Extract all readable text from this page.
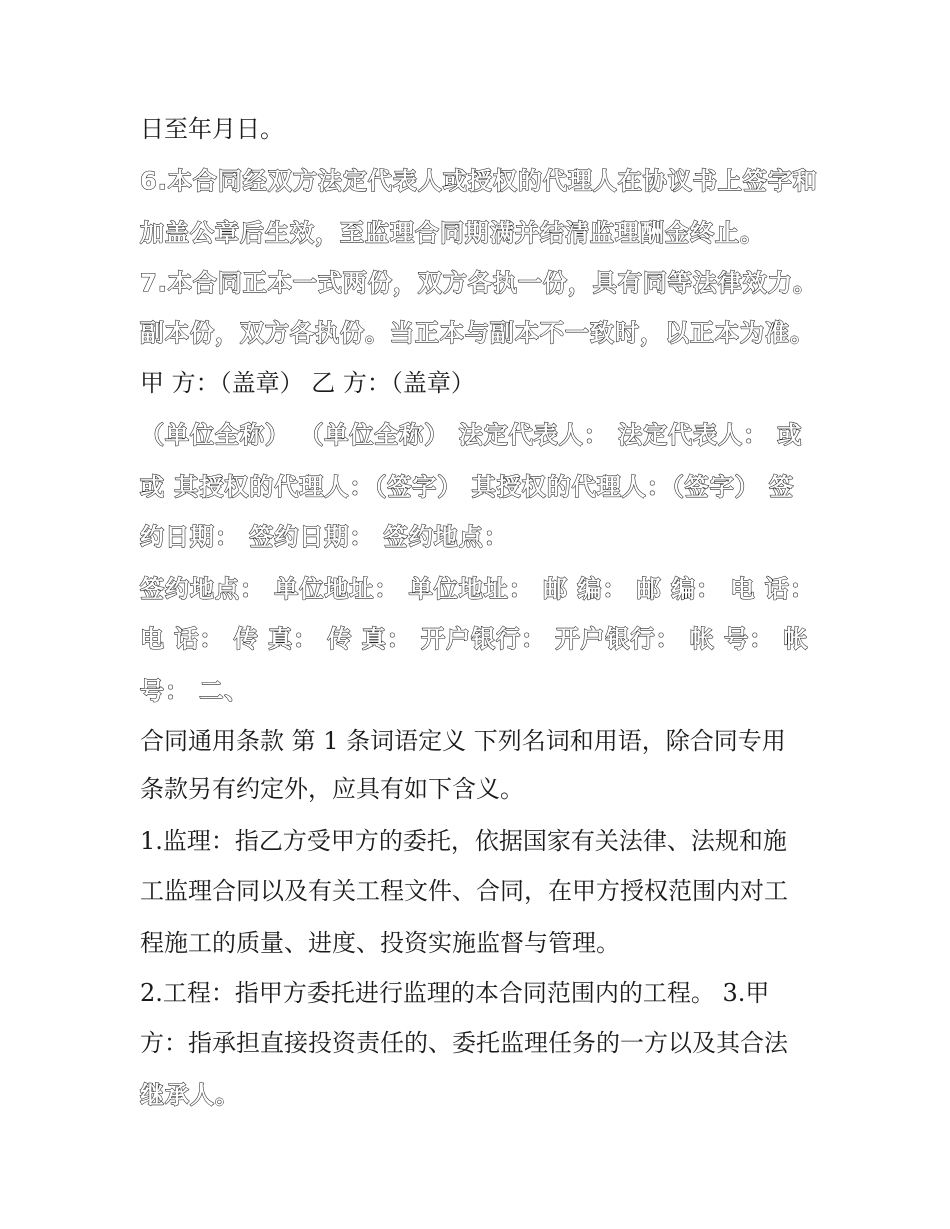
日至年月日。
6.本合同经双方法定代表人或授权的代理人在协议书上签字和
加盖公章后生效，至监理合同期满并结清监理酬金终止。
7.本合同正本一式两份，双方各执一份，具有同等法律效力。
副本份，双方各执份。当正本与副本不一致时，以正本为准。
甲 方：（盖章） 乙 方：（盖章）
（单位全称） （单位全称） 法定代表人： 法定代表人： 或
或 其授权的代理人：（签字） 其授权的代理人：（签字） 签
约日期： 签约日期： 签约地点：
签约地点： 单位地址： 单位地址： 邮 编： 邮 编： 电 话：
电 话： 传 真： 传 真： 开户银行： 开户银行： 帐 号： 帐
号： 二、
合同通用条款 第 1 条词语定义 下列名词和用语，除合同专用
条款另有约定外，应具有如下含义。
1.监理：指乙方受甲方的委托，依据国家有关法律、法规和施
工监理合同以及有关工程文件、合同，在甲方授权范围内对工
程施工的质量、进度、投资实施监督与管理。
2.工程：指甲方委托进行监理的本合同范围内的工程。 3.甲
方：指承担直接投资责任的、委托监理任务的一方以及其合法
继承人。
